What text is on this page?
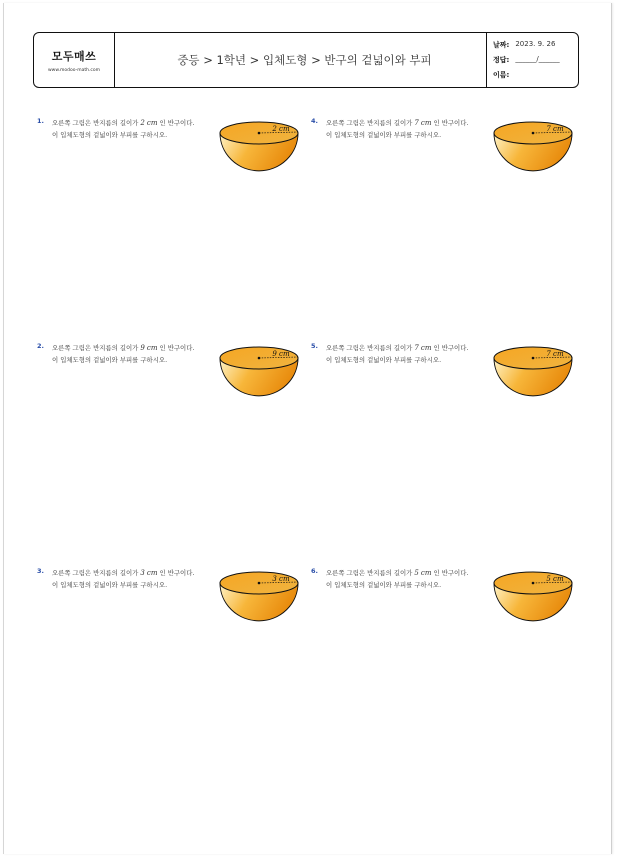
모두매쓰
www.modoo-math.com
중등 > 1학년 > 입체도형 > 반구의 겉넓이와 부피
날짜: 2023. 9. 26
정답: ______/______
이름:
1. 오른쪽 그림은 반지름의 길이가 2 cm 인 반구이다. 이 입체도형의 겉넓이와 부피를 구하시오.
2 cm
2. 오른쪽 그림은 반지름의 길이가 9 cm 인 반구이다. 이 입체도형의 겉넓이와 부피를 구하시오.
9 cm
3. 오른쪽 그림은 반지름의 길이가 3 cm 인 반구이다. 이 입체도형의 겉넓이와 부피를 구하시오.
3 cm
4. 오른쪽 그림은 반지름의 길이가 7 cm 인 반구이다. 이 입체도형의 겉넓이와 부피를 구하시오.
7 cm
5. 오른쪽 그림은 반지름의 길이가 7 cm 인 반구이다. 이 입체도형의 겉넓이와 부피를 구하시오.
7 cm
6. 오른쪽 그림은 반지름의 길이가 5 cm 인 반구이다. 이 입체도형의 겉넓이와 부피를 구하시오.
5 cm
